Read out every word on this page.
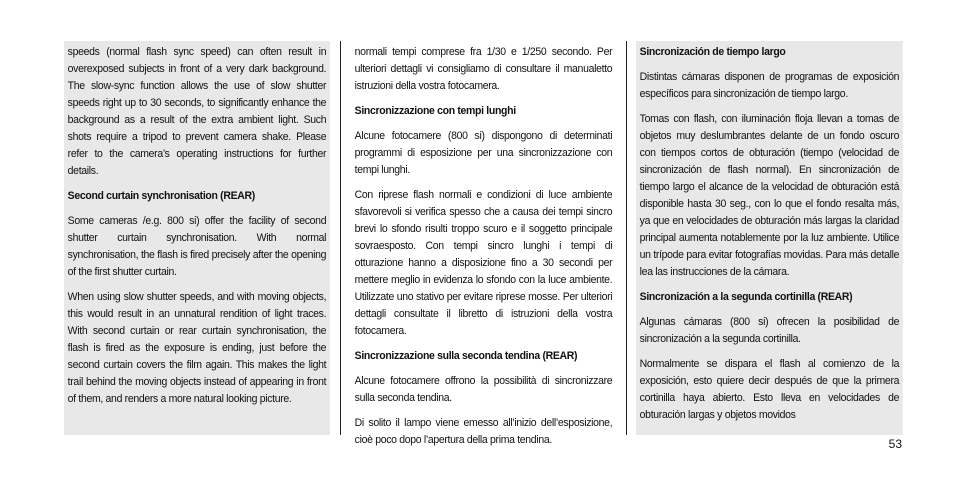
speeds (normal flash sync speed) can often result in overexposed subjects in front of a very dark background. The slow-sync function allows the use of slow shutter speeds right up to 30 seconds, to significantly enhance the background as a result of the extra ambient light. Such shots require a tripod to prevent camera shake. Please refer to the camera’s operating instructions for further details.

Second curtain synchronisation (REAR)

Some cameras /e.g. 800 si) offer the facility of second shutter curtain synchronisation. With normal synchronisation, the flash is fired precisely after the opening of the first shutter curtain.

When using slow shutter speeds, and with moving objects, this would result in an unnatural rendition of light traces. With second curtain or rear curtain synchronisation, the flash is fired as the exposure is ending, just before the second curtain covers the film again. This makes the light trail behind the moving objects instead of appearing in front of them, and renders a more natural looking picture.

normali tempi comprese fra 1/30 e 1/250 secondo. Per ulteriori dettagli vi consigliamo di consultare il manualetto istruzioni della vostra fotocamera.

Sincronizzazione con tempi lunghi

Alcune fotocamere (800 si) dispongono di determinati programmi di esposizione per una sincronizzazione con tempi lunghi.

Con riprese flash normali e condizioni di luce ambiente sfavorevoli si verifica spesso che a causa dei tempi sincro brevi lo sfondo risulti troppo scuro e il soggetto principale sovraesposto. Con tempi sincro lunghi i tempi di otturazione hanno a disposizione fino a 30 secondi per mettere meglio in evidenza lo sfondo con la luce ambiente. Utilizzate uno stativo per evitare riprese mosse. Per ulteriori dettagli consultate il libretto di istruzioni della vostra fotocamera.

Sincronizzazione sulla seconda tendina (REAR)

Alcune fotocamere offrono la possibilità di sincronizzare sulla seconda tendina.

Di solito il lampo viene emesso all’inizio dell’esposizione, cioè poco dopo l’apertura della prima tendina.

Sincronización de tiempo largo

Distintas cámaras disponen de programas de exposición específicos para sincronización de tiempo largo.

Tomas con flash, con iluminación floja llevan a tomas de objetos muy deslumbrantes delante de un fondo oscuro con tiempos cortos de obturación (tiempo (velocidad de sincronización de flash normal). En sincronización de tiempo largo el alcance de la velocidad de obturación está disponible hasta 30 seg., con lo que el fondo resalta más, ya que en velocidades de obturación más largas la claridad principal aumenta notablemente por la luz ambiente. Utilice un trípode para evitar fotografías movidas. Para más detalle lea las instrucciones de la cámara.

Sincronización a la segunda cortinilla (REAR)

Algunas cámaras (800 si) ofrecen la posibilidad de sincronización a la segunda cortinilla.

Normalmente se dispara el flash al comienzo de la exposición, esto quiere decir después de que la primera cortinilla haya abierto. Esto lleva en velocidades de obturación largas y objetos movidos

53
